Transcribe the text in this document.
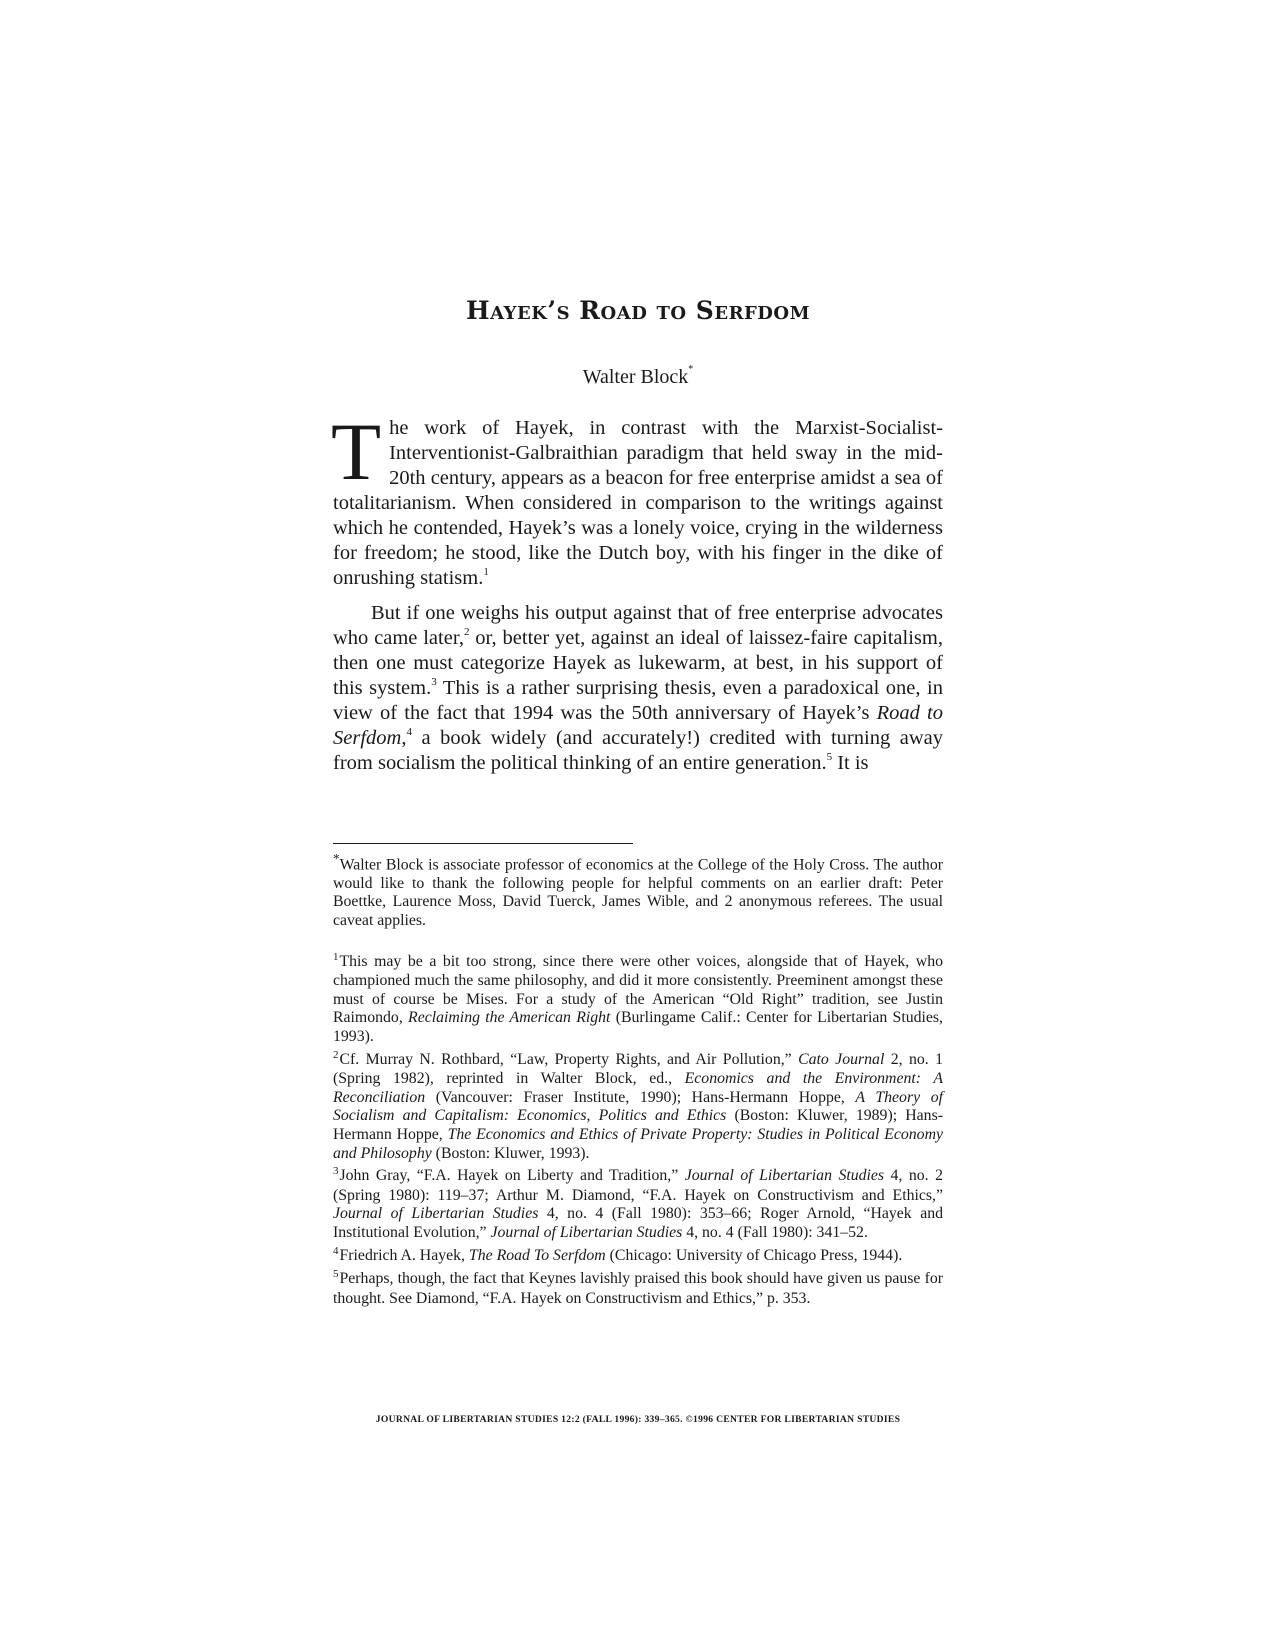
Hayek’s Road to Serfdom
Walter Block*

The work of Hayek, in contrast with the Marxist-Socialist-Interventionist-Galbraithian paradigm that held sway in the mid-20th century, appears as a beacon for free enterprise amidst a sea of totalitarianism. When considered in comparison to the writings against which he contended, Hayek’s was a lonely voice, crying in the wilderness for freedom; he stood, like the Dutch boy, with his finger in the dike of onrushing statism.$^1$

But if one weighs his output against that of free enterprise advocates who came later,$^2$ or, better yet, against an ideal of laissez-faire capitalism, then one must categorize Hayek as lukewarm, at best, in his support of this system.$^3$ This is a rather surprising thesis, even a paradoxical one, in view of the fact that 1994 was the 50th anniversary of Hayek’s Road to Serfdom,$^4$ a book widely (and accurately!) credited with turning away from socialism the political thinking of an entire generation.$^5$ It is

*Walter Block is associate professor of economics at the College of the Holy Cross. The author would like to thank the following people for helpful comments on an earlier draft: Peter Boettke, Laurence Moss, David Tuerck, James Wible, and 2 anonymous referees. The usual caveat applies.

$^1$This may be a bit too strong, since there were other voices, alongside that of Hayek, who championed much the same philosophy, and did it more consistently. Preeminent amongst these must of course be Mises. For a study of the American “Old Right” tradition, see Justin Raimondo, Reclaiming the American Right (Burlingame Calif.: Center for Libertarian Studies, 1993).

$^2$Cf. Murray N. Rothbard, “Law, Property Rights, and Air Pollution,” Cato Journal 2, no. 1 (Spring 1982), reprinted in Walter Block, ed., Economics and the Environment: A Reconciliation (Vancouver: Fraser Institute, 1990); Hans-Hermann Hoppe, A Theory of Socialism and Capitalism: Economics, Politics and Ethics (Boston: Kluwer, 1989); Hans-Hermann Hoppe, The Economics and Ethics of Private Property: Studies in Political Economy and Philosophy (Boston: Kluwer, 1993).

$^3$John Gray, “F.A. Hayek on Liberty and Tradition,” Journal of Libertarian Studies 4, no. 2 (Spring 1980): 119–37; Arthur M. Diamond, “F.A. Hayek on Constructivism and Ethics,” Journal of Libertarian Studies 4, no. 4 (Fall 1980): 353–66; Roger Arnold, “Hayek and Institutional Evolution,” Journal of Libertarian Studies 4, no. 4 (Fall 1980): 341–52.

$^4$Friedrich A. Hayek, The Road To Serfdom (Chicago: University of Chicago Press, 1944).

$^5$Perhaps, though, the fact that Keynes lavishly praised this book should have given us pause for thought. See Diamond, “F.A. Hayek on Constructivism and Ethics,” p. 353.

JOURNAL OF LIBERTARIAN STUDIES 12:2 (FALL 1996): 339–365. ©1996 CENTER FOR LIBERTARIAN STUDIES
